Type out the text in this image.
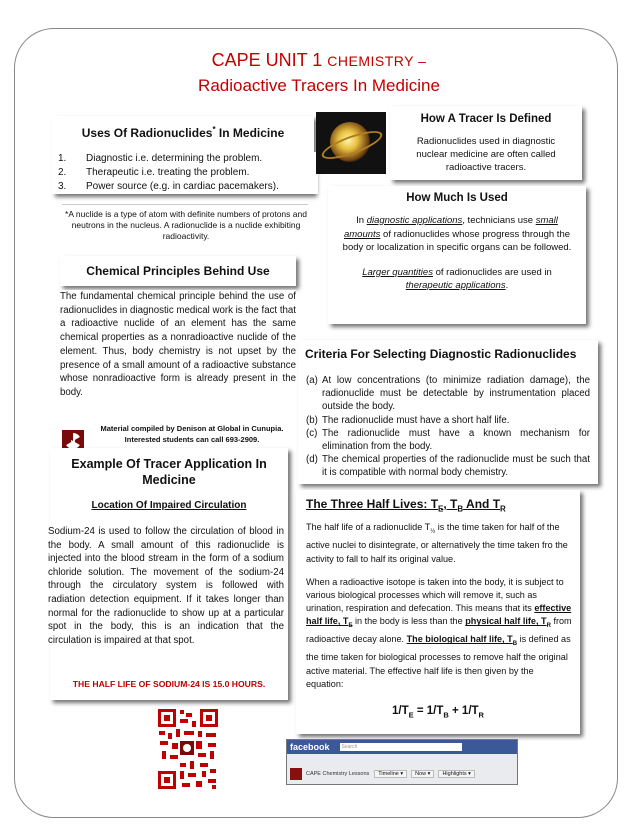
CAPE UNIT 1 CHEMISTRY –
Radioactive Tracers In Medicine
Uses Of Radionuclides* In Medicine
1.	Diagnostic i.e. determining the problem.
2.	Therapeutic i.e. treating the problem.
3.	Power source (e.g. in cardiac pacemakers).
*A nuclide is a type of atom with definite numbers of protons and neutrons in the nucleus. A radionuclide is a nuclide exhibiting radioactivity.
How A Tracer Is Defined
Radionuclides used in diagnostic nuclear medicine are often called radioactive tracers.
How Much Is Used

In diagnostic applications, technicians use small amounts of radionuclides whose progress through the body or localization in specific organs can be followed.

Larger quantities of radionuclides are used in therapeutic applications.

Chemical Principles Behind Use

The fundamental chemical principle behind the use of radionuclides in diagnostic medical work is the fact that a radioactive nuclide of an element has the same chemical properties as a nonradioactive nuclide of the element. Thus, body chemistry is not upset by the presence of a small amount of a radioactive substance whose nonradioactive form is already present in the body.

Material compiled by Denison at Global in Cunupia.
Interested students can call 693-2909.
Criteria For Selecting Diagnostic Radionuclides
(a) At low concentrations (to minimize radiation damage), the radionuclide must be detectable by instrumentation placed outside the body.
(b) The radionuclide must have a short half life.
(c) The radionuclide must have a known mechanism for elimination from the body.
(d) The chemical properties of the radionuclide must be such that it is compatible with normal body chemistry.
Example Of Tracer Application In Medicine
Location Of Impaired Circulation

Sodium-24 is used to follow the circulation of blood in the body. A small amount of this radionuclide is injected into the blood stream in the form of a sodium chloride solution. The movement of the sodium-24 through the circulatory system is followed with radiation detection equipment. If it takes longer than normal for the radionuclide to show up at a particular spot in the body, this is an indication that the circulation is impaired at that spot.

THE HALF LIFE OF SODIUM-24 IS 15.0 HOURS.
The Three Half Lives: $T_E$, $T_B$ And $T_R$

The half life of a radionuclide $T_{\frac{1}{2}}$ is the time taken for half of the active nuclei to disintegrate, or alternatively the time taken fro the activity to fall to half its original value.

When a radioactive isotope is taken into the body, it is subject to various biological processes which will remove it, such as urination, respiration and defecation. This means that its effective half life, $T_E$ in the body is less than the physical half life, $T_R$ from radioactive decay alone. The biological half life, $T_B$ is defined as the time taken for biological processes to remove half the original active material. The effective half life is then given by the equation:

$1/T_E = 1/T_B + 1/T_R$
facebook	Search
CAPE Chemistry Lessons	Timeline ▾	Now ▾	Highlights ▾
